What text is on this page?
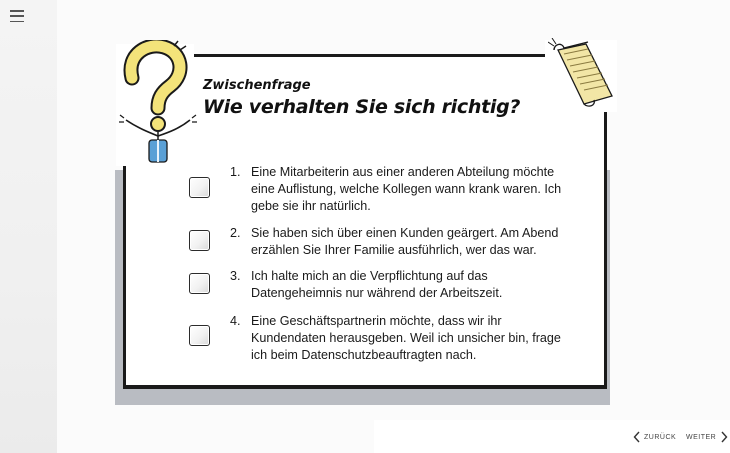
Zwischenfrage
Wie verhalten Sie sich richtig?
1. Eine Mitarbeiterin aus einer anderen Abteilung möchte eine Auflistung, welche Kollegen wann krank waren. Ich gebe sie ihr natürlich.
2. Sie haben sich über einen Kunden geärgert. Am Abend erzählen Sie Ihrer Familie ausführlich, wer das war.
3. Ich halte mich an die Verpflichtung auf das Datengeheimnis nur während der Arbeitszeit.
4. Eine Geschäftspartnerin möchte, dass wir ihr Kundendaten herausgeben. Weil ich unsicher bin, frage ich beim Datenschutzbeauftragten nach.
ZURÜCK WEITER
